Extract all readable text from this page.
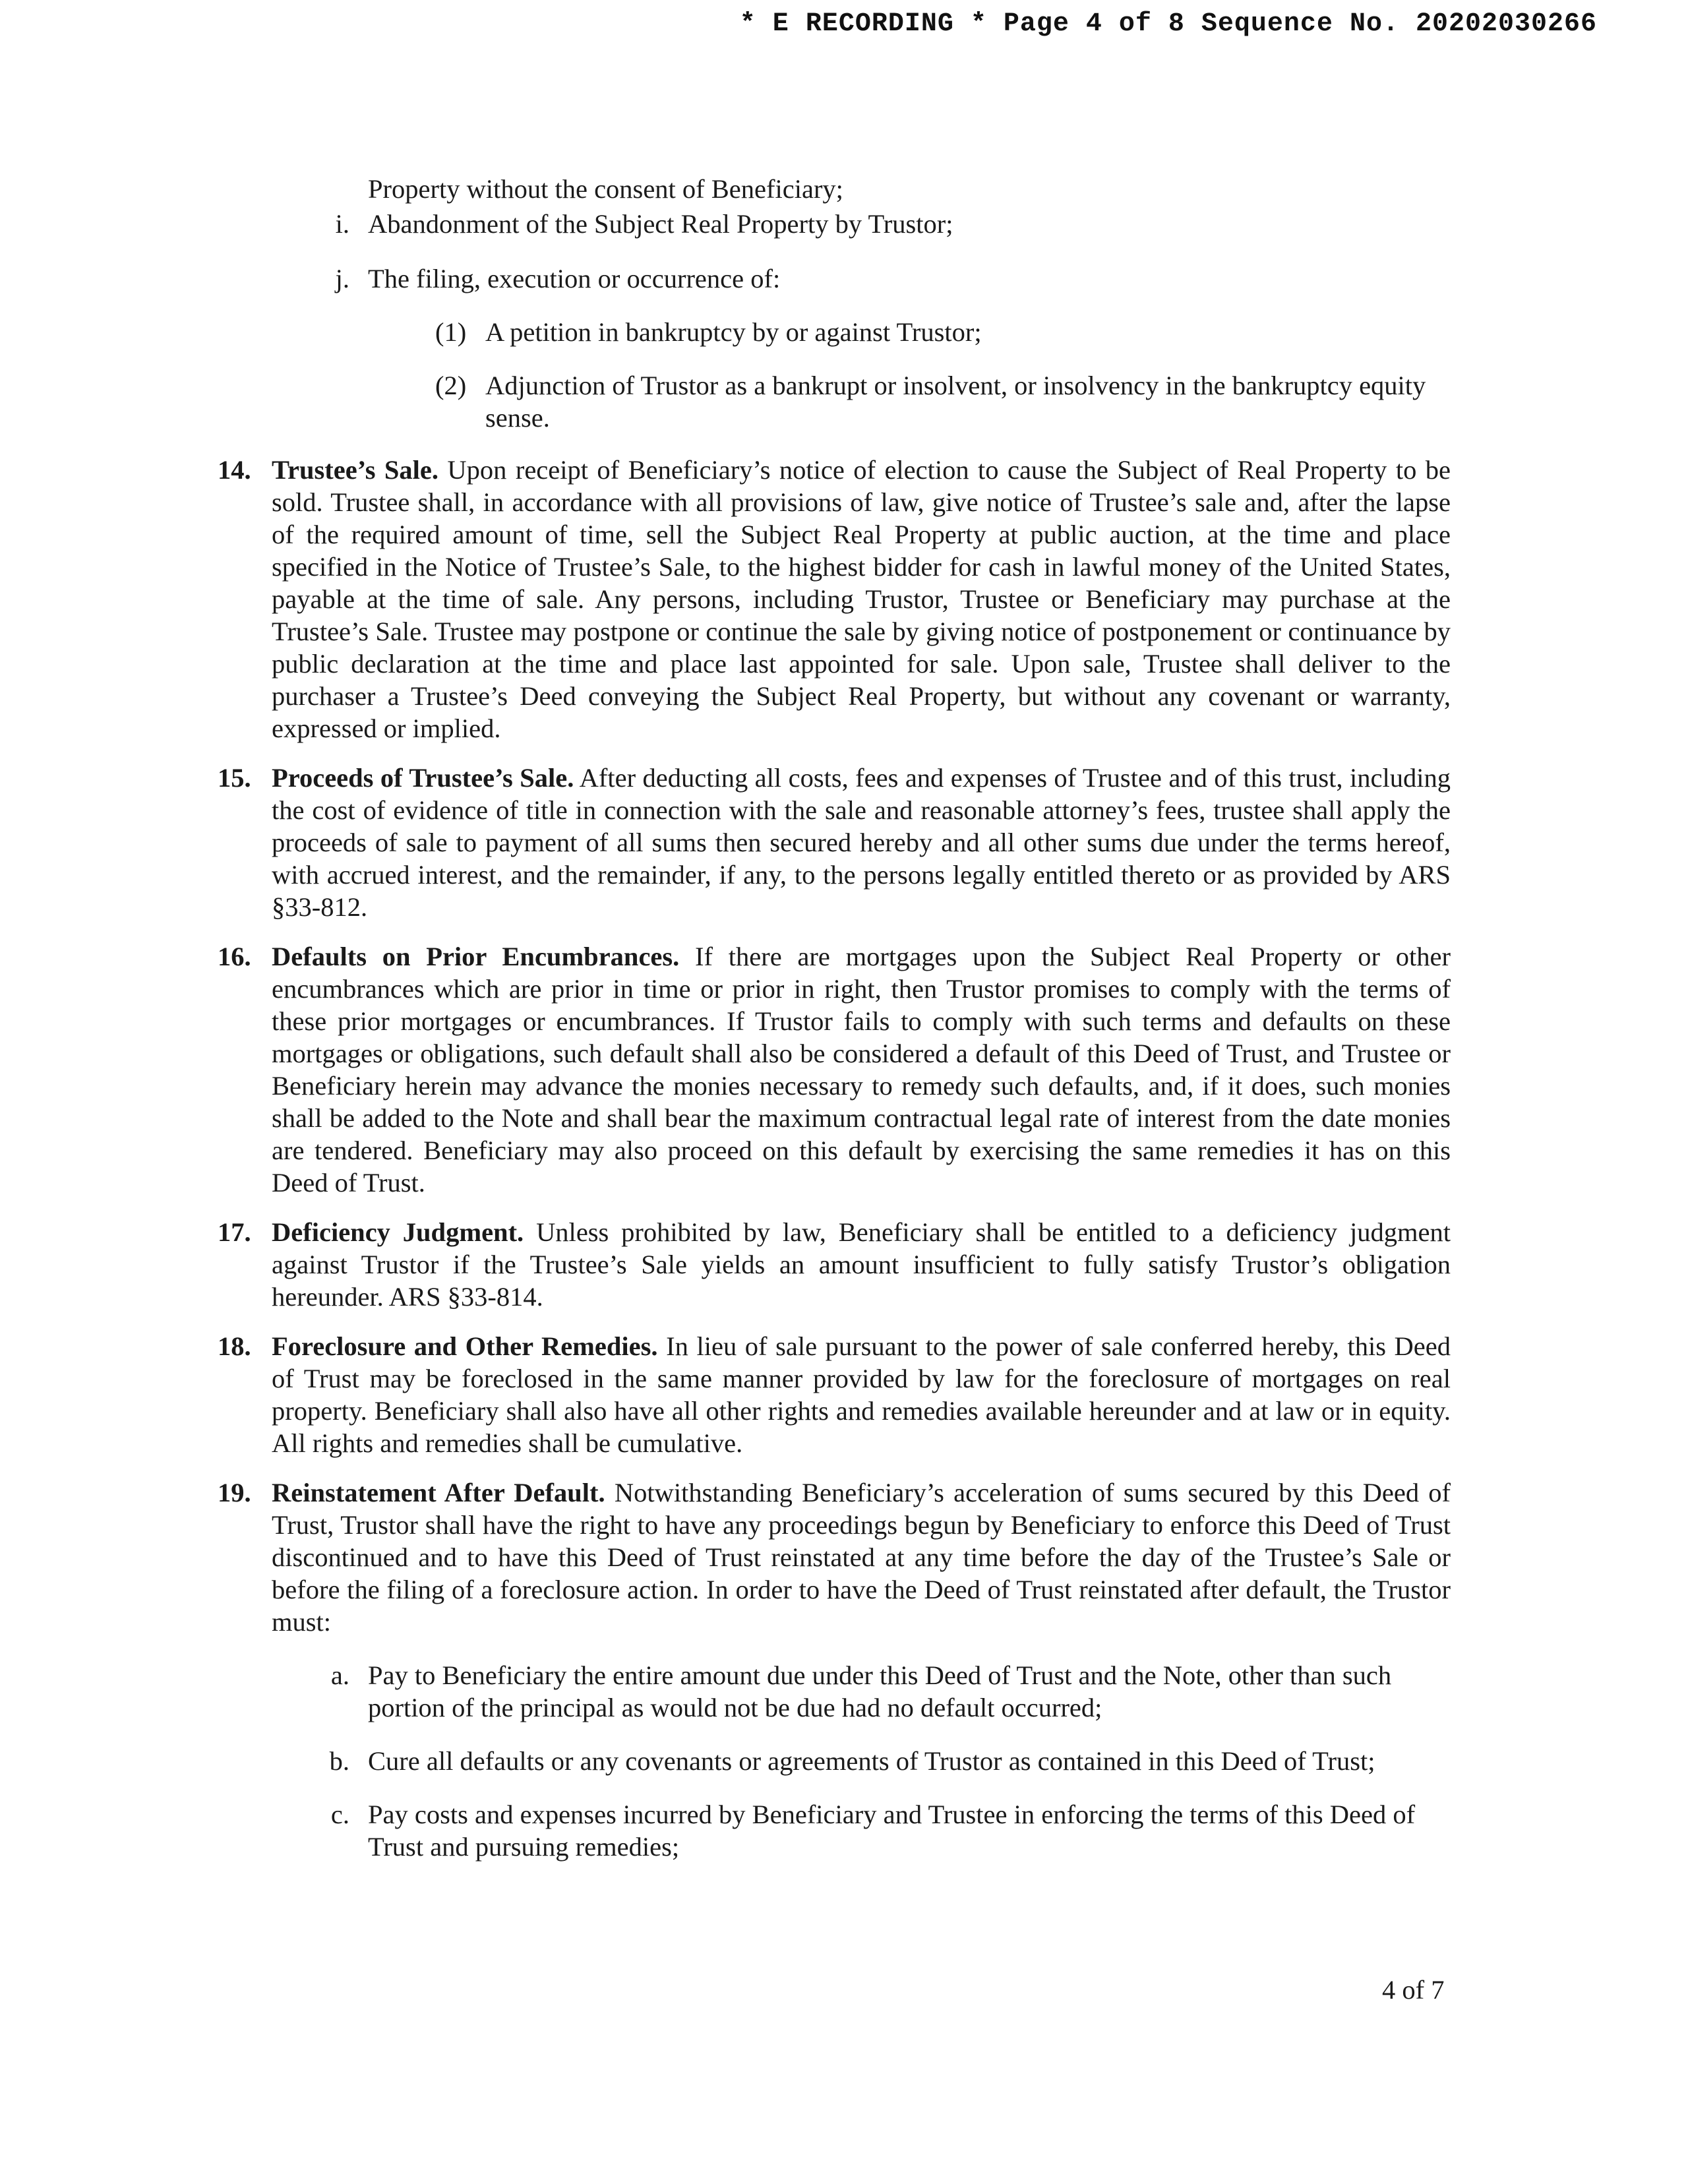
* E RECORDING * Page 4 of 8 Sequence No. 20202030266
Property without the consent of Beneficiary;
i. Abandonment of the Subject Real Property by Trustor;
j. The filing, execution or occurrence of:
(1) A petition in bankruptcy by or against Trustor;
(2) Adjunction of Trustor as a bankrupt or insolvent, or insolvency in the bankruptcy equity sense.
14. Trustee’s Sale. Upon receipt of Beneficiary’s notice of election to cause the Subject of Real Property to be sold. Trustee shall, in accordance with all provisions of law, give notice of Trustee’s sale and, after the lapse of the required amount of time, sell the Subject Real Property at public auction, at the time and place specified in the Notice of Trustee’s Sale, to the highest bidder for cash in lawful money of the United States, payable at the time of sale. Any persons, including Trustor, Trustee or Beneficiary may purchase at the Trustee’s Sale. Trustee may postpone or continue the sale by giving notice of postponement or continuance by public declaration at the time and place last appointed for sale. Upon sale, Trustee shall deliver to the purchaser a Trustee’s Deed conveying the Subject Real Property, but without any covenant or warranty, expressed or implied.
15. Proceeds of Trustee’s Sale. After deducting all costs, fees and expenses of Trustee and of this trust, including the cost of evidence of title in connection with the sale and reasonable attorney’s fees, trustee shall apply the proceeds of sale to payment of all sums then secured hereby and all other sums due under the terms hereof, with accrued interest, and the remainder, if any, to the persons legally entitled thereto or as provided by ARS §33-812.
16. Defaults on Prior Encumbrances. If there are mortgages upon the Subject Real Property or other encumbrances which are prior in time or prior in right, then Trustor promises to comply with the terms of these prior mortgages or encumbrances. If Trustor fails to comply with such terms and defaults on these mortgages or obligations, such default shall also be considered a default of this Deed of Trust, and Trustee or Beneficiary herein may advance the monies necessary to remedy such defaults, and, if it does, such monies shall be added to the Note and shall bear the maximum contractual legal rate of interest from the date monies are tendered. Beneficiary may also proceed on this default by exercising the same remedies it has on this Deed of Trust.
17. Deficiency Judgment. Unless prohibited by law, Beneficiary shall be entitled to a deficiency judgment against Trustor if the Trustee’s Sale yields an amount insufficient to fully satisfy Trustor’s obligation hereunder. ARS §33-814.
18. Foreclosure and Other Remedies. In lieu of sale pursuant to the power of sale conferred hereby, this Deed of Trust may be foreclosed in the same manner provided by law for the foreclosure of mortgages on real property. Beneficiary shall also have all other rights and remedies available hereunder and at law or in equity. All rights and remedies shall be cumulative.
19. Reinstatement After Default. Notwithstanding Beneficiary’s acceleration of sums secured by this Deed of Trust, Trustor shall have the right to have any proceedings begun by Beneficiary to enforce this Deed of Trust discontinued and to have this Deed of Trust reinstated at any time before the day of the Trustee’s Sale or before the filing of a foreclosure action. In order to have the Deed of Trust reinstated after default, the Trustor must:
a. Pay to Beneficiary the entire amount due under this Deed of Trust and the Note, other than such portion of the principal as would not be due had no default occurred;
b. Cure all defaults or any covenants or agreements of Trustor as contained in this Deed of Trust;
c. Pay costs and expenses incurred by Beneficiary and Trustee in enforcing the terms of this Deed of Trust and pursuing remedies;
4 of 7
